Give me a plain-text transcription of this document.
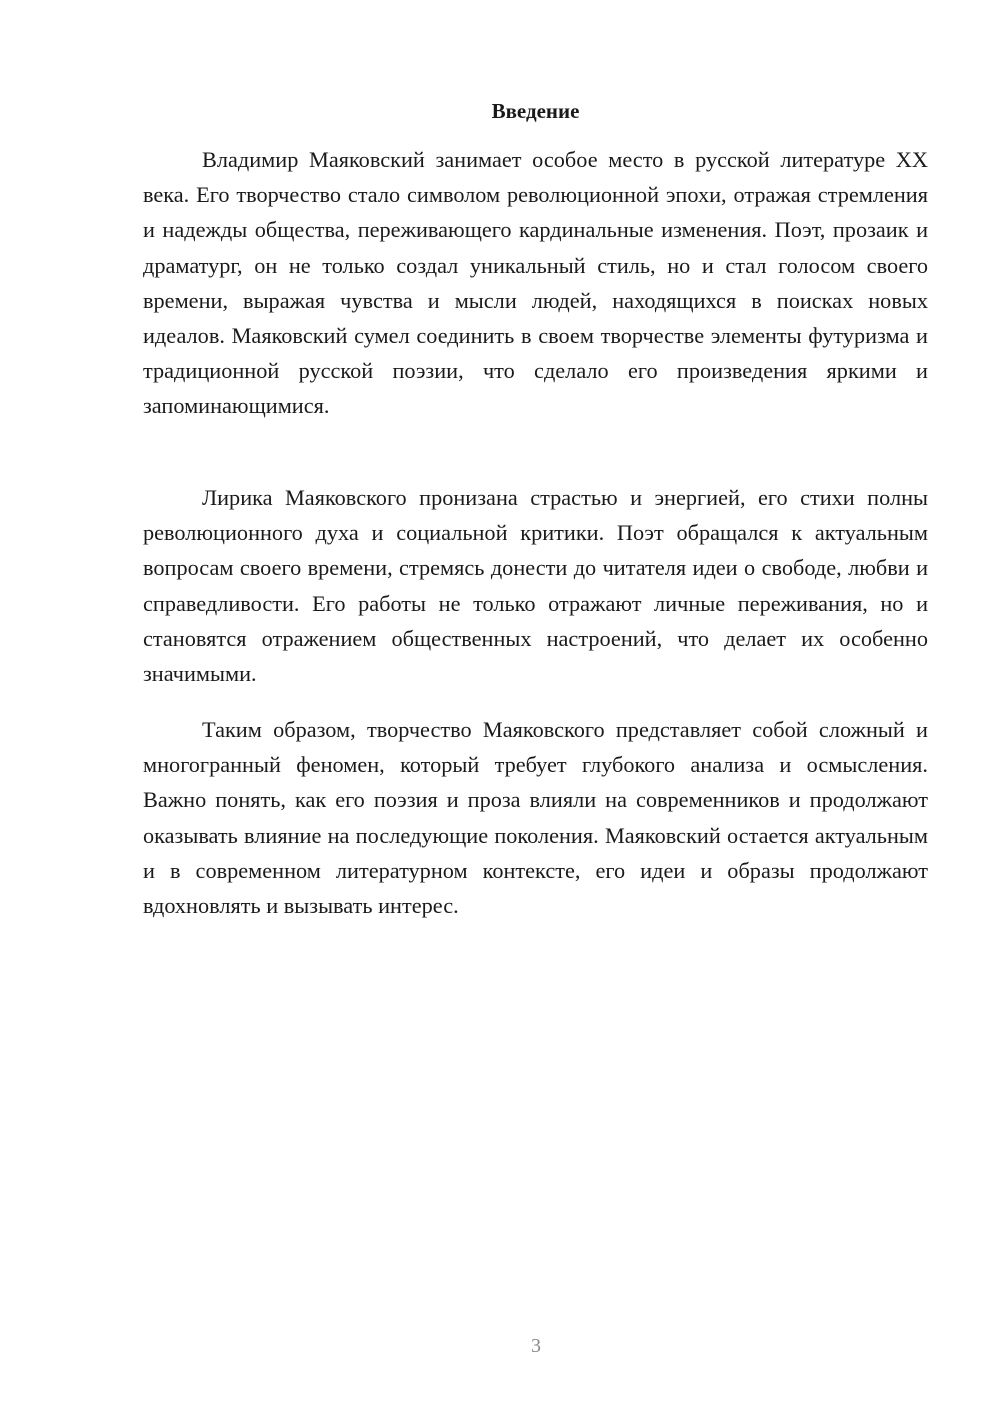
Введение

Владимир Маяковский занимает особое место в русской литературе XX века. Его творчество стало символом революционной эпохи, отражая стремления и надежды общества, переживающего кардинальные изменения. Поэт, прозаик и драматург, он не только создал уникальный стиль, но и стал голосом своего времени, выражая чувства и мысли людей, находящихся в поисках новых идеалов. Маяковский сумел соединить в своем творчестве элементы футуризма и традиционной русской поэзии, что сделало его произведения яркими и запоминающимися.

Лирика Маяковского пронизана страстью и энергией, его стихи полны революционного духа и социальной критики. Поэт обращался к актуальным вопросам своего времени, стремясь донести до читателя идеи о свободе, любви и справедливости. Его работы не только отражают личные переживания, но и становятся отражением общественных настроений, что делает их особенно значимыми.

Таким образом, творчество Маяковского представляет собой сложный и многогранный феномен, который требует глубокого анализа и осмысления. Важно понять, как его поэзия и проза влияли на современников и продолжают оказывать влияние на последующие поколения. Маяковский остается актуальным и в современном литературном контексте, его идеи и образы продолжают вдохновлять и вызывать интерес.

3
